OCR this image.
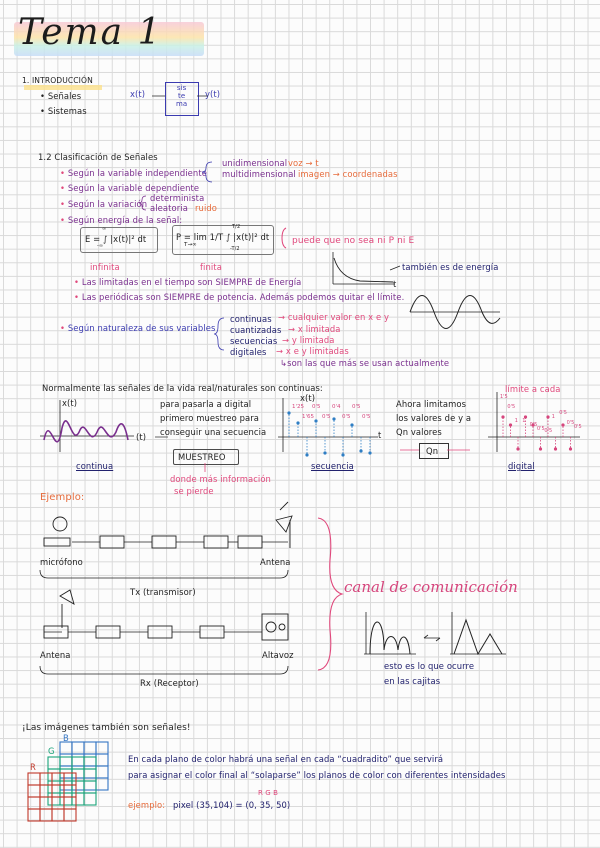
Tema 1
1. INTRODUCCIÓN
• Señales
• Sistemas
x(t)
sis
te
ma
y(t)
1.2 Clasificación de Señales
• Según la variable independiente
unidimensional voz → t
multidimensional imagen → coordenadas
• Según la variable dependiente
• Según la variación
determinista
aleatoria ruido
• Según energía de la señal:
E = ∫ |x(t)|² dt
∞
-∞
P = lim 1/T ∫ |x(t)|² dt
T→∞
T/2
-T/2
infinita	finita
puede que no sea ni P ni E
• Las limitadas en el tiempo son SIEMPRE de Energía
• Las periódicas son SIEMPRE de potencia. Además podemos quitar el límite.
también es de energía
t
• Según naturaleza de sus variables
continuas → cualquier valor en x e y
cuantizadas → x limitada
secuencias → y limitada
digitales → x e y limitadas
↳son las que más se usan actualmente
Normalmente las señales de la vida real/naturales son continuas:
x(t)
(t)
para pasarla a digital
primero muestreo para
conseguir una secuencia
continua
MUESTREO
donde más información
se pierde
x(t)
t
secuencia
Ahora limitamos
los valores de y a
Qn valores
Qn
límite a cada
digital
Ejemplo:
micrófono	Antena
Tx (transmisor)
Antena	Altavoz
Rx (Receptor)
canal de comunicación
esto es lo que ocurre
en las cajitas
¡Las imágenes también son señales!
R
G
B
En cada plano de color habrá una señal en cada “cuadradito” que servirá
para asignar el color final al “solaparse” los planos de color con diferentes intensidades
ejemplo: pixel (35,104) = (0, 35, 50)
R G B
1'25
1'65
0'5
0'5
0'4
0'5
0'5
0'5
1'5
0'5
1 1
0'5
0'5 0'5
1
0'5
0'5
0'5
